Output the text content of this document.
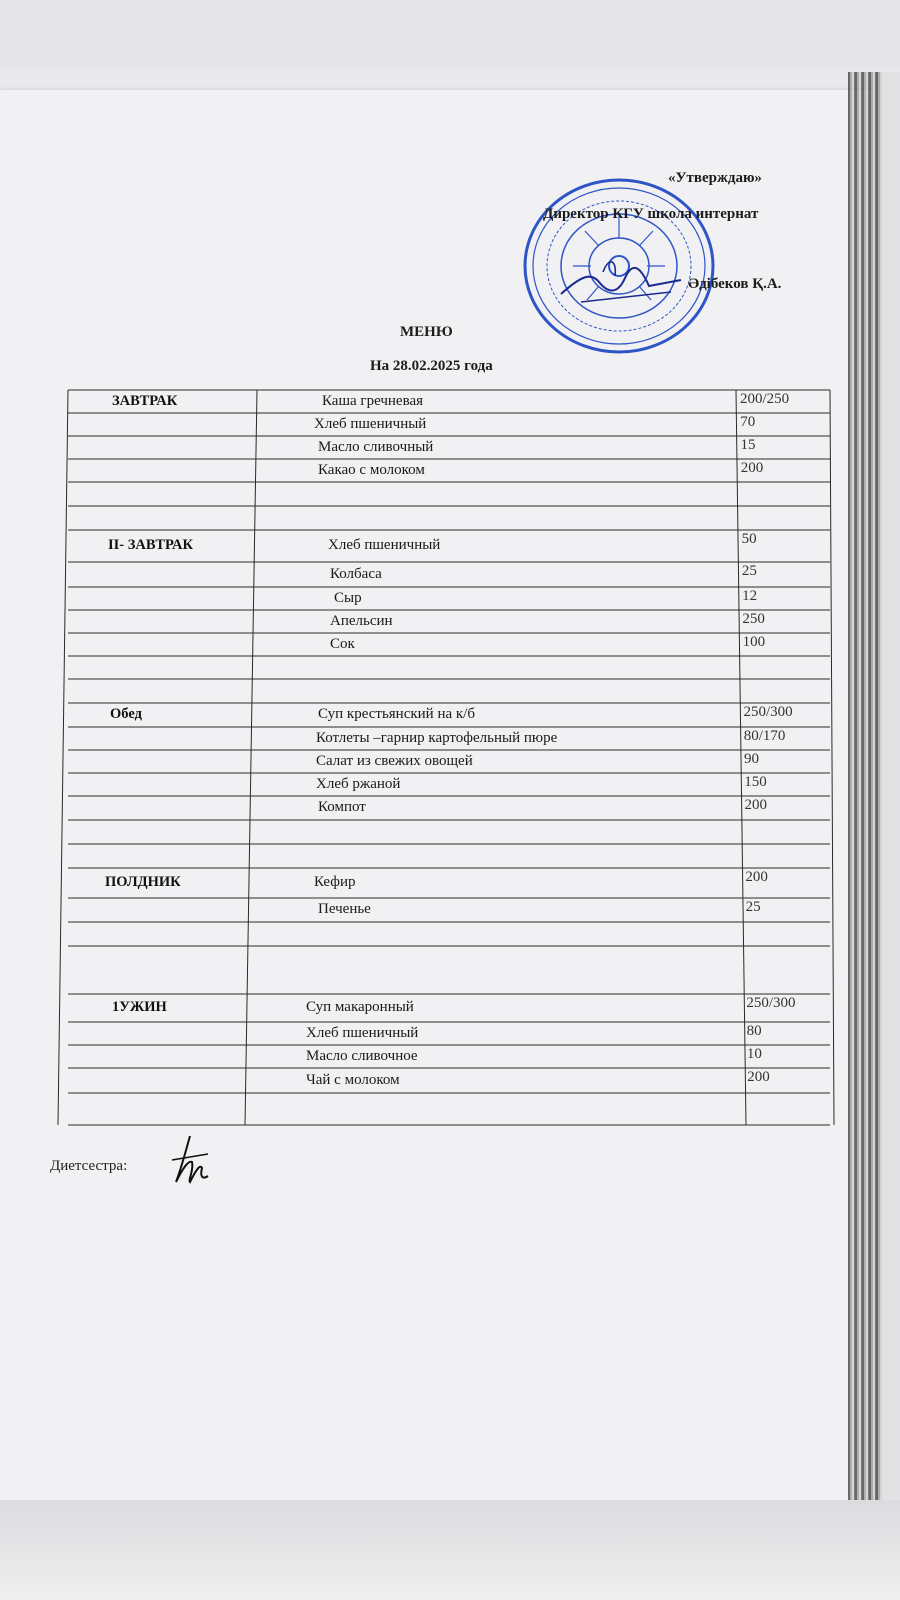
«Утверждаю»
Директор КГУ школа интернат
Әдібеков Қ.А.
МЕНЮ
На 28.02.2025 года
ЗАВТРАК	Каша гречневая	200/250
Хлеб пшеничный	70
Масло сливочный	15
Какао с молоком	200
II- ЗАВТРАК	Хлеб пшеничный	50
Колбаса	25
Сыр	12
Апельсин	250
Сок	100
Обед	Суп крестьянский на к/б	250/300
Котлеты –гарнир картофельный пюре	80/170
Салат из свежих овощей	90
Хлеб ржаной	150
Компот	200
ПОЛДНИК	Кефир	200
Печенье	25
1УЖИН	Суп макаронный	250/300
Хлеб пшеничный	80
Масло сливочное	10
Чай с молоком	200
Диетсестра:
